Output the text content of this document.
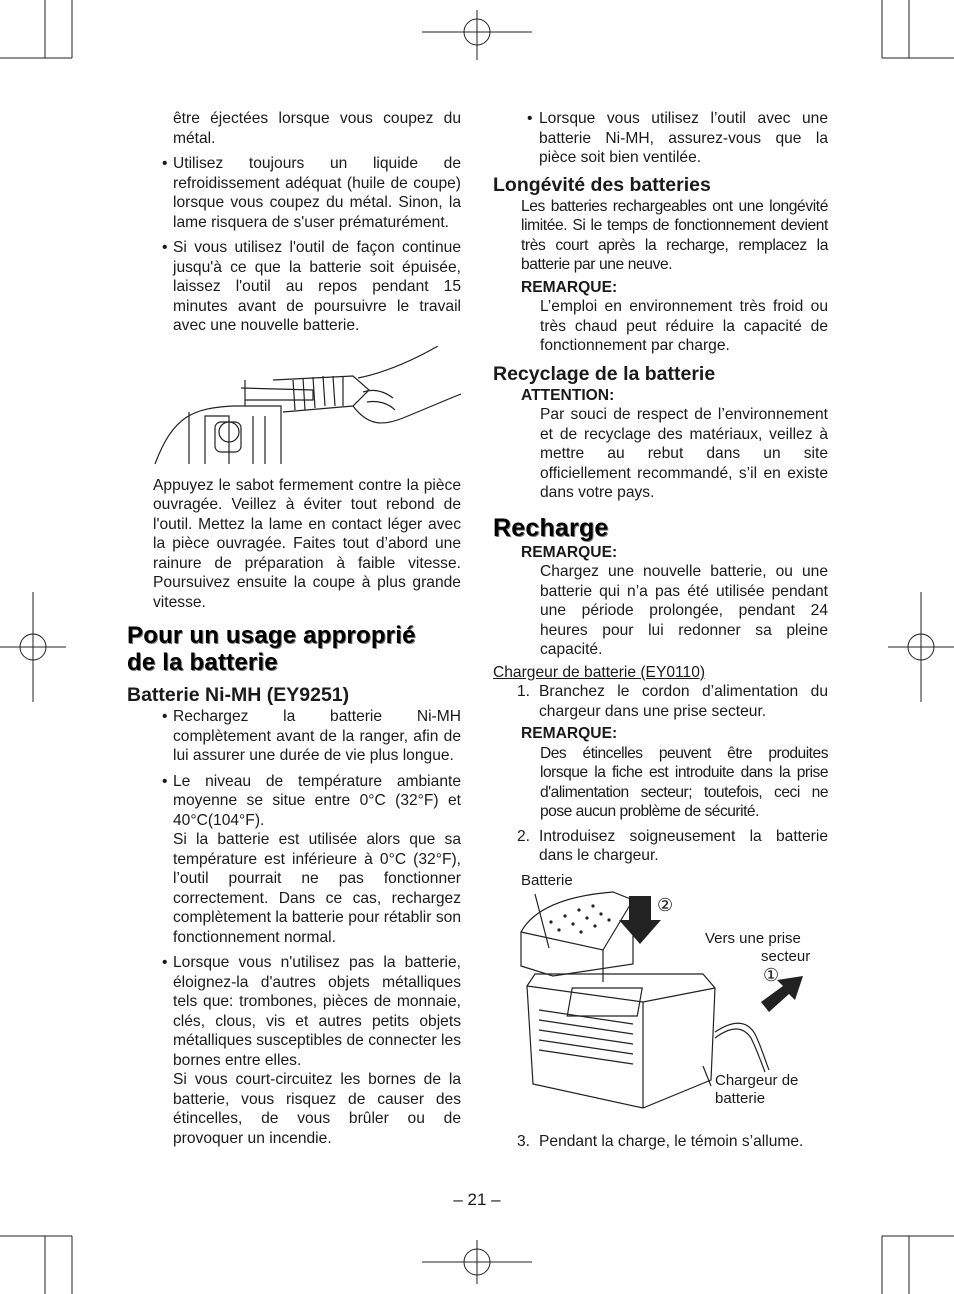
être éjectées lorsque vous coupez du métal.

• Utilisez toujours un liquide de refroidissement adéquat (huile de coupe) lorsque vous coupez du métal. Sinon, la lame risquera de s'user prématurément.

• Si vous utilisez l'outil de façon continue jusqu'à ce que la batterie soit épuisée, laissez l'outil au repos pendant 15 minutes avant de poursuivre le travail avec une nouvelle batterie.

Appuyez le sabot fermement contre la pièce ouvragée. Veillez à éviter tout rebond de l'outil. Mettez la lame en contact léger avec la pièce ouvragée. Faites tout d’abord une rainure de préparation à faible vitesse. Poursuivez ensuite la coupe à plus grande vitesse.

Pour un usage approprié
de la batterie
Batterie Ni-MH (EY9251)

• Rechargez la batterie Ni-MH complètement avant de la ranger, afin de lui assurer une durée de vie plus longue.

• Le niveau de température ambiante moyenne se situe entre 0°C (32°F) et 40°C(104°F).

Si la batterie est utilisée alors que sa température est inférieure à 0°C (32°F), l’outil pourrait ne pas fonctionner correctement. Dans ce cas, rechargez complètement la batterie pour rétablir son fonctionnement normal.

• Lorsque vous n'utilisez pas la batterie, éloignez-la d'autres objets métalliques tels que: trombones, pièces de monnaie, clés, clous, vis et autres petits objets métalliques susceptibles de connecter les bornes entre elles.

Si vous court-circuitez les bornes de la batterie, vous risquez de causer des étincelles, de vous brûler ou de provoquer un incendie.

• Lorsque vous utilisez l’outil avec une batterie Ni-MH, assurez-vous que la pièce soit bien ventilée.

Longévité des batteries

Les batteries rechargeables ont une longévité limitée. Si le temps de fonctionnement devient très court après la recharge, remplacez la batterie par une neuve.

REMARQUE:

L’emploi en environnement très froid ou très chaud peut réduire la capacité de fonctionnement par charge.

Recyclage de la batterie

ATTENTION:

Par souci de respect de l’environnement et de recyclage des matériaux, veillez à mettre au rebut dans un site officiellement recommandé, s’il en existe dans votre pays.

Recharge

REMARQUE:

Chargez une nouvelle batterie, ou une batterie qui n’a pas été utilisée pendant une période prolongée, pendant 24 heures pour lui redonner sa pleine capacité.

Chargeur de batterie (EY0110)

1. Branchez le cordon d’alimentation du chargeur dans une prise secteur.

REMARQUE:

Des étincelles peuvent être produites lorsque la fiche est introduite dans la prise d'alimentation secteur; toutefois, ceci ne pose aucun problème de sécurité.

2. Introduisez soigneusement la batterie dans le chargeur.

Batterie
②
Vers une prise
secteur
①
Chargeur de
batterie

3. Pendant la charge, le témoin s’allume.

– 21 –
